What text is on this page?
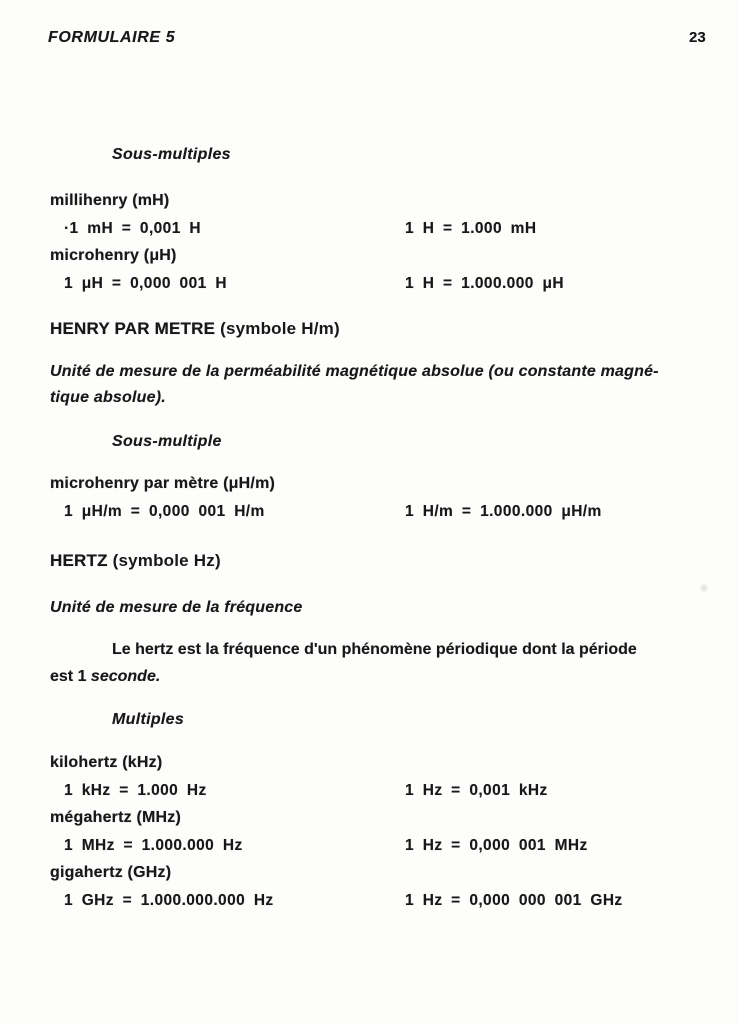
FORMULAIRE 5	23
Sous-multiples
millihenry (mH)
·1 mH = 0,001 H	1 H = 1.000 mH
microhenry (μH)
1 μH = 0,000 001 H	1 H = 1.000.000 μH
HENRY PAR METRE (symbole H/m)
Unité de mesure de la perméabilité magnétique absolue (ou constante magné-
tique absolue).
Sous-multiple
microhenry par mètre (μH/m)
1 μH/m = 0,000 001 H/m	1 H/m = 1.000.000 μH/m
HERTZ (symbole Hz)
Unité de mesure de la fréquence
Le hertz est la fréquence d'un phénomène périodique dont la période
est 1 seconde.
Multiples
kilohertz (kHz)
1 kHz = 1.000 Hz	1 Hz = 0,001 kHz
mégahertz (MHz)
1 MHz = 1.000.000 Hz	1 Hz = 0,000 001 MHz
gigahertz (GHz)
1 GHz = 1.000.000.000 Hz	1 Hz = 0,000 000 001 GHz
